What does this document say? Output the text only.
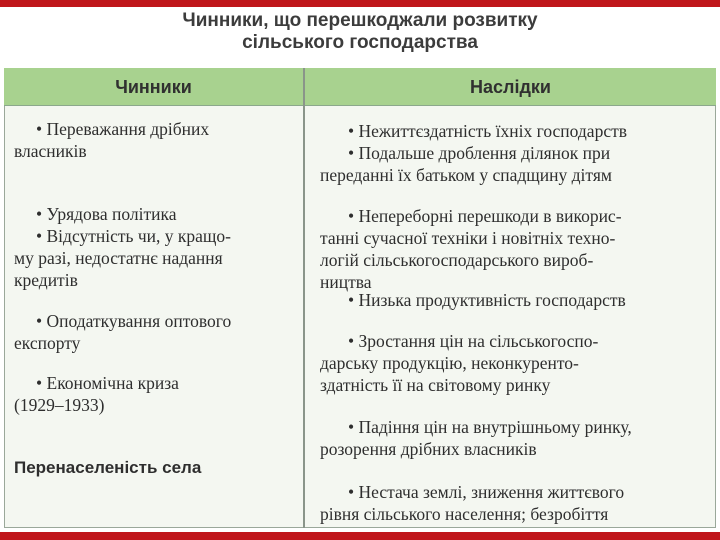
Чинники, що перешкоджали розвитку
сільського господарства
Чинники	Наслідки
• Переважання дрібних
власників
• Урядова політика
• Відсутність чи, у кращо-
му разі, недостатнє надання
кредитів
• Оподаткування оптового
експорту
• Економічна криза
(1929–1933)
Перенаселеність села
• Нежиттєздатність їхніх господарств
• Подальше дроблення ділянок при
переданні їх батьком у спадщину дітям
• Непереборні перешкоди в викорис-
танні сучасної техніки і новітніх техно-
логій сільськогосподарського вироб-
ництва
• Низька продуктивність господарств
• Зростання цін на сільськогоспо-
дарську продукцію, неконкуренто-
здатність її на світовому ринку
• Падіння цін на внутрішньому ринку,
розорення дрібних власників
• Нестача землі, зниження життєвого
рівня сільського населення; безробіття
